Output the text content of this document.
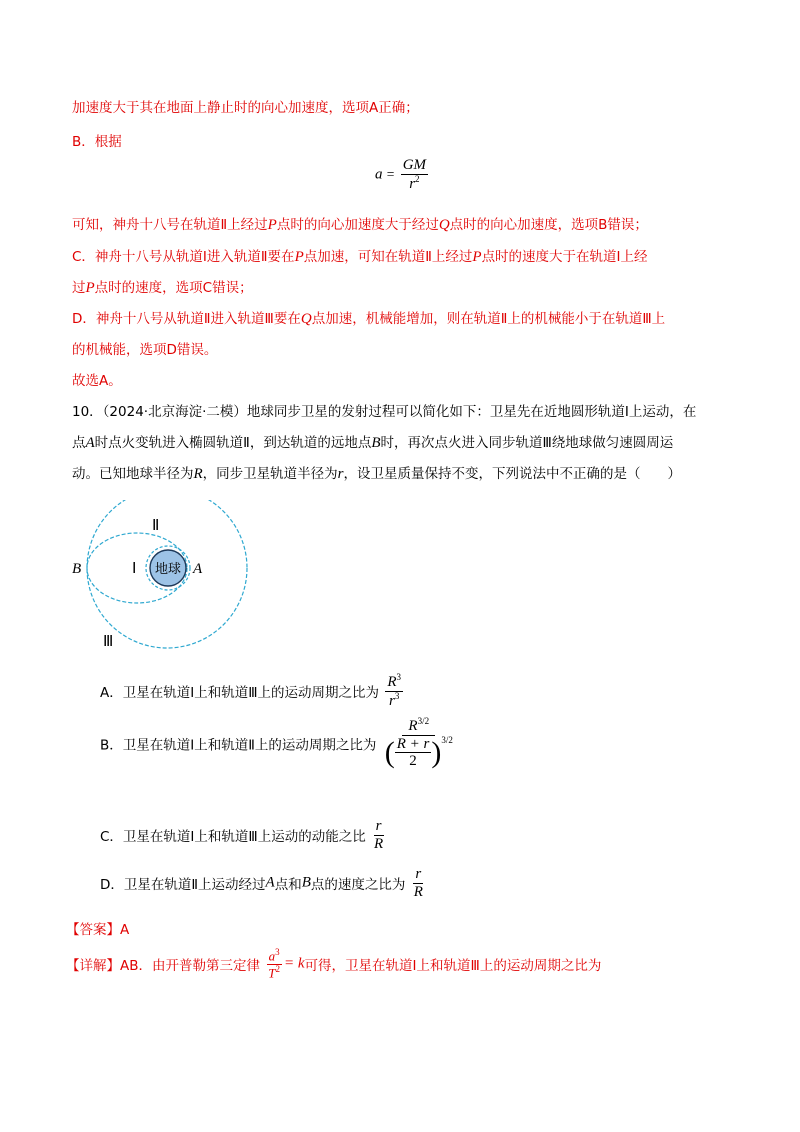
加速度大于其在地面上静止时的向心加速度，选项A正确；
B．根据
$a = \frac{GM}{r^2}$
可知，神舟十八号在轨道Ⅱ上经过P点时的向心加速度大于经过Q点时的向心加速度，选项B错误；
C．神舟十八号从轨道Ⅰ进入轨道Ⅱ要在P点加速，可知在轨道Ⅱ上经过P点时的速度大于在轨道Ⅰ上经
过P点时的速度，选项C错误；
D．神舟十八号从轨道Ⅱ进入轨道Ⅲ要在Q点加速，机械能增加，则在轨道Ⅱ上的机械能小于在轨道Ⅲ上
的机械能，选项D错误。
故选A。
10．（2024·北京海淀·二模）地球同步卫星的发射过程可以简化如下：卫星先在近地圆形轨道Ⅰ上运动，在
点A时点火变轨进入椭圆轨道Ⅱ，到达轨道的远地点B时，再次点火进入同步轨道Ⅲ绕地球做匀速圆周运
动。已知地球半径为R，同步卫星轨道半径为r，设卫星质量保持不变，下列说法中不正确的是（　　）
地球
B	A
Ⅰ
Ⅱ
Ⅲ
A．卫星在轨道Ⅰ上和轨道Ⅲ上的运动周期之比为 $\frac{R^3}{r^3}$
B．卫星在轨道Ⅰ上和轨道Ⅱ上的运动周期之比为 $\frac{R^{3/2}}{( \frac{R + r}{2} ) 3/2}$
C．卫星在轨道Ⅰ上和轨道Ⅲ上运动的动能之比 $\frac{r}{R}$
D．卫星在轨道Ⅱ上运动经过A点和B点的速度之比为 $\frac{r}{R}$
【答案】A
【详解】AB．由开普勒第三定律 $\frac{a^3}{T^2} = k$可得，卫星在轨道Ⅰ上和轨道Ⅲ上的运动周期之比为
